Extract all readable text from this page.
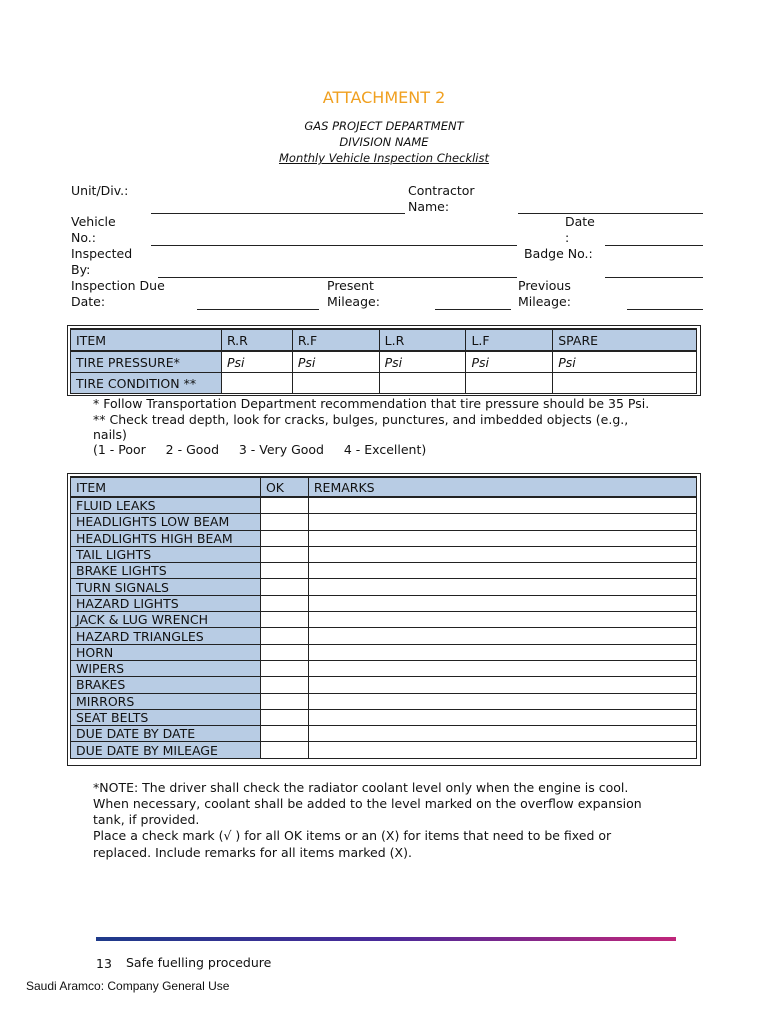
ATTACHMENT 2
GAS PROJECT DEPARTMENT
DIVISION NAME
Monthly Vehicle Inspection Checklist
Unit/Div.:	Contractor
Name:
Vehicle
No.:
Date
:
Inspected
By:
Badge No.:
Inspection Due
Date:
Present
Mileage:
Previous
Mileage:
ITEM	R.R	R.F	L.R	L.F	SPARE
TIRE PRESSURE*	Psi	Psi	Psi	Psi	Psi
TIRE CONDITION **					
* Follow Transportation Department recommendation that tire pressure should be 35 Psi.
** Check tread depth, look for cracks, bulges, punctures, and imbedded objects (e.g.,
nails)
(1 - Poor     2 - Good     3 - Very Good     4 - Excellent)
ITEM	OK	REMARKS
FLUID LEAKS		
HEADLIGHTS LOW BEAM		
HEADLIGHTS HIGH BEAM		
TAIL LIGHTS		
BRAKE LIGHTS		
TURN SIGNALS		
HAZARD LIGHTS		
JACK & LUG WRENCH		
HAZARD TRIANGLES		
HORN		
WIPERS		
BRAKES		
MIRRORS		
SEAT BELTS		
DUE DATE BY DATE		
DUE DATE BY MILEAGE		
*NOTE: The driver shall check the radiator coolant level only when the engine is cool.
When necessary, coolant shall be added to the level marked on the overflow expansion
tank, if provided.
Place a check mark (√ ) for all OK items or an (X) for items that need to be fixed or
replaced. Include remarks for all items marked (X).
13 Safe fuelling procedure
Saudi Aramco: Company General Use
